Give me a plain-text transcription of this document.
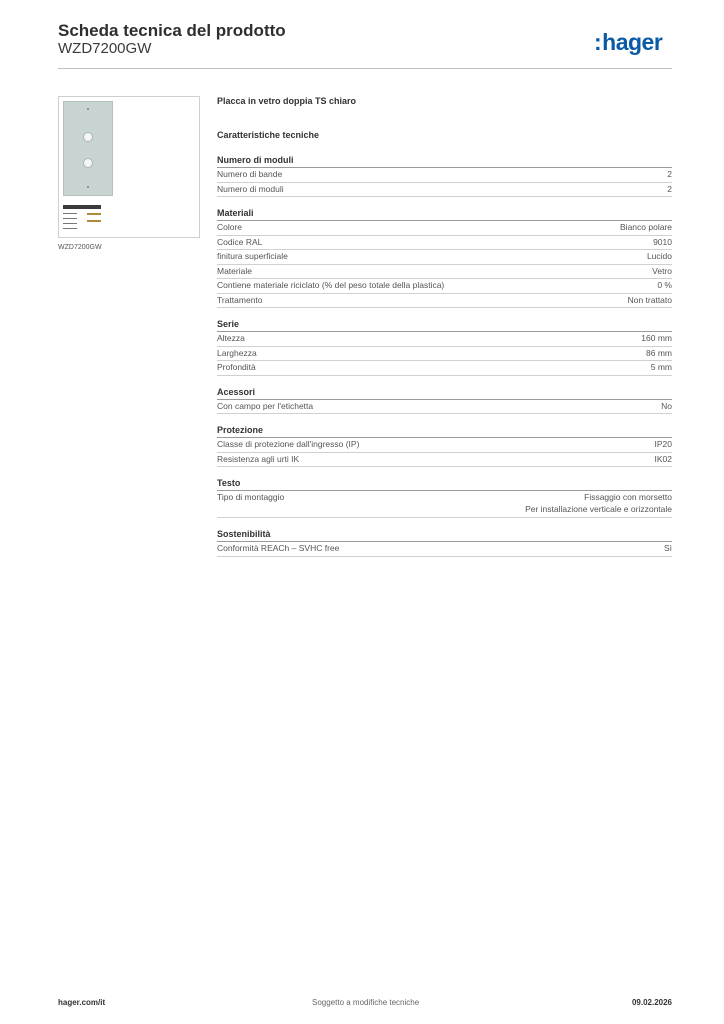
Scheda tecnica del prodotto
WZD7200GW	:hager
WZD7200GW
Placca in vetro doppia TS chiaro
Caratteristiche tecniche
Numero di moduli
Numero di bande	2
Numero di moduli	2
Materiali
Colore	Bianco polare
Codice RAL	9010
finitura superficiale	Lucido
Materiale	Vetro
Contiene materiale riciclato (% del peso totale della plastica)	0 %
Trattamento	Non trattato
Serie
Altezza	160 mm
Larghezza	86 mm
Profondità	5 mm
Acessori
Con campo per l'etichetta	No
Protezione
Classe di protezione dall'ingresso (IP)	IP20
Resistenza agli urti IK	IK02
Testo
Tipo di montaggio	Fissaggio con morsetto
Per installazione verticale e orizzontale
Sostenibilità
Conformità REACh – SVHC free	Sì
hager.com/it	Soggetto a modifiche tecniche	09.02.2026
